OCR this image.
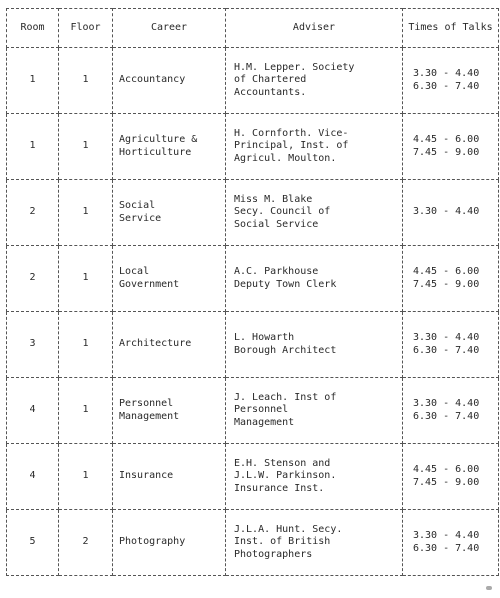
Room	Floor	Career	Adviser	Times of Talks
1	1	Accountancy	H.M. Lepper. Society
of Chartered
Accountants.	3.30 - 4.40
6.30 - 7.40
1	1	Agriculture &
Horticulture	H. Cornforth. Vice-
Principal, Inst. of
Agricul. Moulton.	4.45 - 6.00
7.45 - 9.00
2	1	Social
Service	Miss M. Blake
Secy. Council of
Social Service	3.30 - 4.40
2	1	Local
Government	A.C. Parkhouse
Deputy Town Clerk	4.45 - 6.00
7.45 - 9.00
3	1	Architecture	L. Howarth
Borough Architect	3.30 - 4.40
6.30 - 7.40
4	1	Personnel
Management	J. Leach. Inst of
Personnel
Management	3.30 - 4.40
6.30 - 7.40
4	1	Insurance	E.H. Stenson and
J.L.W. Parkinson.
Insurance Inst.	4.45 - 6.00
7.45 - 9.00
5	2	Photography	J.L.A. Hunt. Secy.
Inst. of British
Photographers	3.30 - 4.40
6.30 - 7.40
